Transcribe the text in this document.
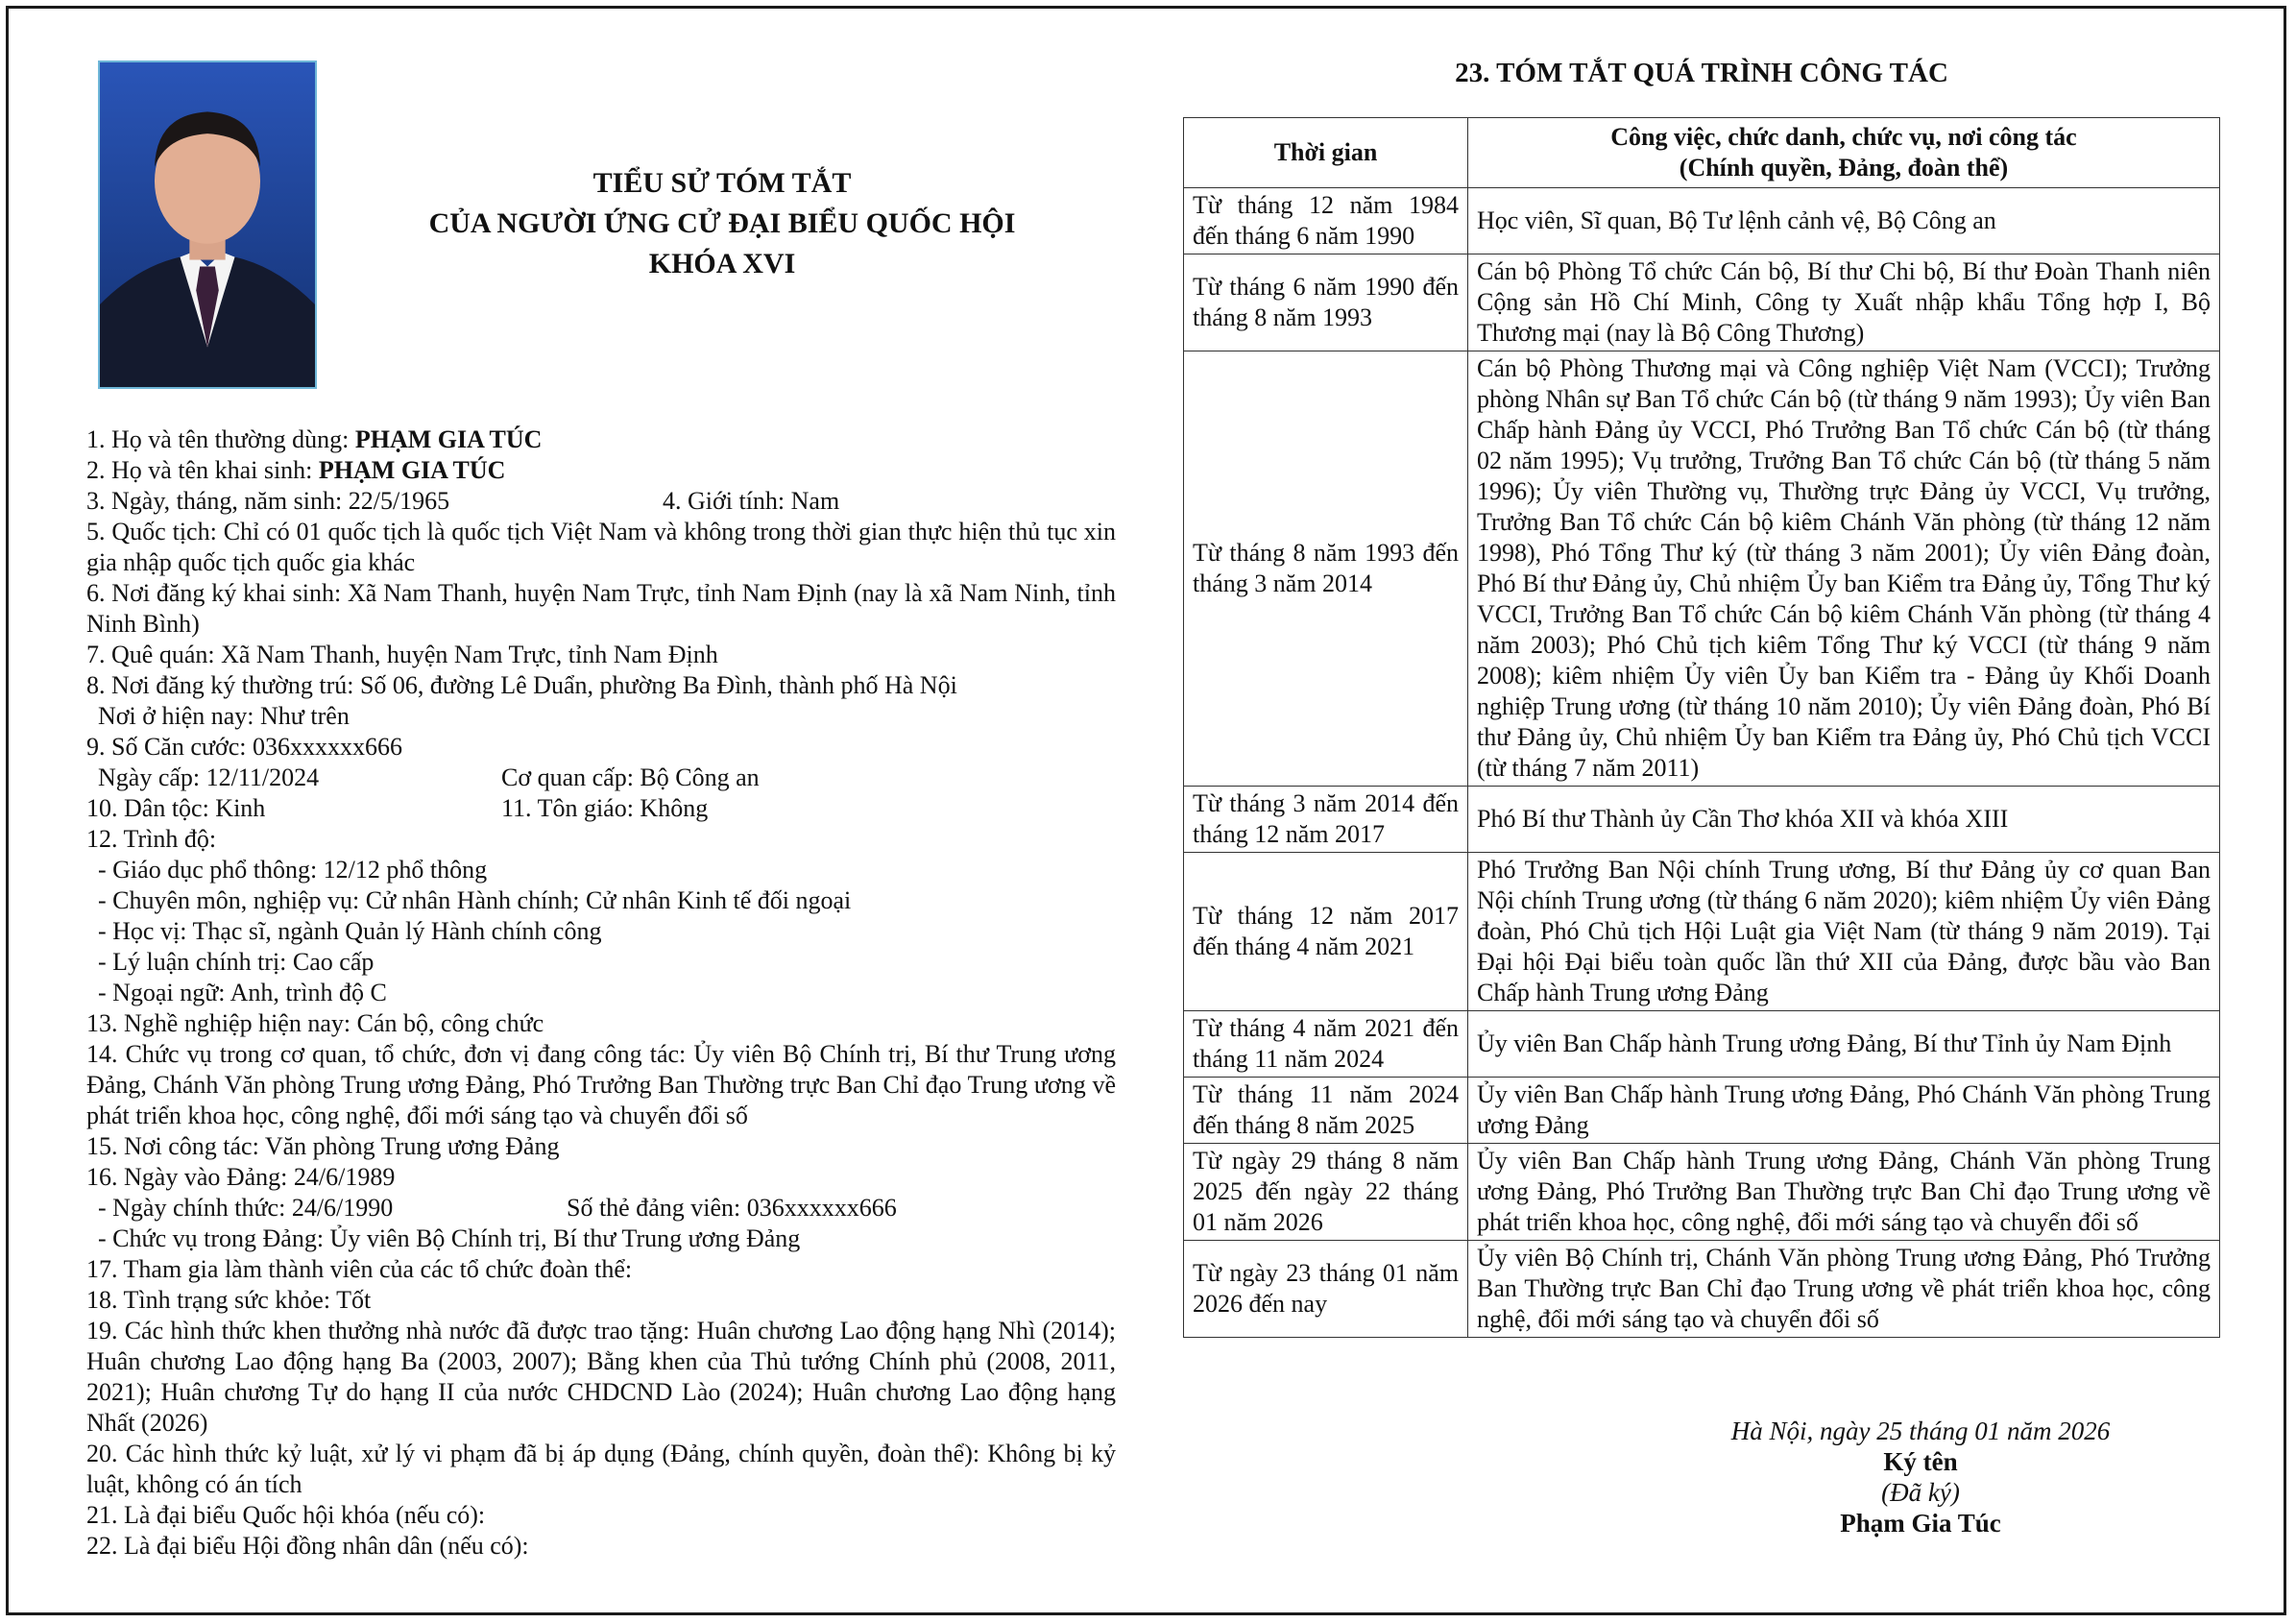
TIỂU SỬ TÓM TẮT
CỦA NGƯỜI ỨNG CỬ ĐẠI BIỂU QUỐC HỘI
KHÓA XVI
1. Họ và tên thường dùng: PHẠM GIA TÚC
2. Họ và tên khai sinh: PHẠM GIA TÚC
3. Ngày, tháng, năm sinh: 22/5/1965	4. Giới tính: Nam
5. Quốc tịch: Chỉ có 01 quốc tịch là quốc tịch Việt Nam và không trong thời gian thực hiện thủ tục xin gia nhập quốc tịch quốc gia khác
6. Nơi đăng ký khai sinh: Xã Nam Thanh, huyện Nam Trực, tỉnh Nam Định (nay là xã Nam Ninh, tỉnh Ninh Bình)
7. Quê quán: Xã Nam Thanh, huyện Nam Trực, tỉnh Nam Định
8. Nơi đăng ký thường trú: Số 06, đường Lê Duẩn, phường Ba Đình, thành phố Hà Nội
Nơi ở hiện nay: Như trên
9. Số Căn cước: 036xxxxxx666
Ngày cấp: 12/11/2024	Cơ quan cấp: Bộ Công an
10. Dân tộc: Kinh	11. Tôn giáo: Không
12. Trình độ:
- Giáo dục phổ thông: 12/12 phổ thông
- Chuyên môn, nghiệp vụ: Cử nhân Hành chính; Cử nhân Kinh tế đối ngoại
- Học vị: Thạc sĩ, ngành Quản lý Hành chính công
- Lý luận chính trị: Cao cấp
- Ngoại ngữ: Anh, trình độ C
13. Nghề nghiệp hiện nay: Cán bộ, công chức
14. Chức vụ trong cơ quan, tổ chức, đơn vị đang công tác: Ủy viên Bộ Chính trị, Bí thư Trung ương Đảng, Chánh Văn phòng Trung ương Đảng, Phó Trưởng Ban Thường trực Ban Chỉ đạo Trung ương về phát triển khoa học, công nghệ, đổi mới sáng tạo và chuyển đổi số
15. Nơi công tác: Văn phòng Trung ương Đảng
16. Ngày vào Đảng: 24/6/1989
- Ngày chính thức: 24/6/1990	Số thẻ đảng viên: 036xxxxxx666
- Chức vụ trong Đảng: Ủy viên Bộ Chính trị, Bí thư Trung ương Đảng
17. Tham gia làm thành viên của các tổ chức đoàn thể:
18. Tình trạng sức khỏe: Tốt
19. Các hình thức khen thưởng nhà nước đã được trao tặng: Huân chương Lao động hạng Nhì (2014); Huân chương Lao động hạng Ba (2003, 2007); Bằng khen của Thủ tướng Chính phủ (2008, 2011, 2021); Huân chương Tự do hạng II của nước CHDCND Lào (2024); Huân chương Lao động hạng Nhất (2026)
20. Các hình thức kỷ luật, xử lý vi phạm đã bị áp dụng (Đảng, chính quyền, đoàn thể): Không bị kỷ luật, không có án tích
21. Là đại biểu Quốc hội khóa (nếu có):
22. Là đại biểu Hội đồng nhân dân (nếu có):
23. TÓM TẮT QUÁ TRÌNH CÔNG TÁC
Thời gian	Công việc, chức danh, chức vụ, nơi công tác
(Chính quyền, Đảng, đoàn thể)

Từ tháng 12 năm 1984 đến tháng 6 năm 1990	Học viên, Sĩ quan, Bộ Tư lệnh cảnh vệ, Bộ Công an
Từ tháng 6 năm 1990 đến tháng 8 năm 1993	Cán bộ Phòng Tổ chức Cán bộ, Bí thư Chi bộ, Bí thư Đoàn Thanh niên Cộng sản Hồ Chí Minh, Công ty Xuất nhập khẩu Tổng hợp I, Bộ Thương mại (nay là Bộ Công Thương)
Từ tháng 8 năm 1993 đến tháng 3 năm 2014	Cán bộ Phòng Thương mại và Công nghiệp Việt Nam (VCCI); Trưởng phòng Nhân sự Ban Tổ chức Cán bộ (từ tháng 9 năm 1993); Ủy viên Ban Chấp hành Đảng ủy VCCI, Phó Trưởng Ban Tổ chức Cán bộ (từ tháng 02 năm 1995); Vụ trưởng, Trưởng Ban Tổ chức Cán bộ (từ tháng 5 năm 1996); Ủy viên Thường vụ, Thường trực Đảng ủy VCCI, Vụ trưởng, Trưởng Ban Tổ chức Cán bộ kiêm Chánh Văn phòng (từ tháng 12 năm 1998), Phó Tổng Thư ký (từ tháng 3 năm 2001); Ủy viên Đảng đoàn, Phó Bí thư Đảng ủy, Chủ nhiệm Ủy ban Kiểm tra Đảng ủy, Tổng Thư ký VCCI, Trưởng Ban Tổ chức Cán bộ kiêm Chánh Văn phòng (từ tháng 4 năm 2003); Phó Chủ tịch kiêm Tổng Thư ký VCCI (từ tháng 9 năm 2008); kiêm nhiệm Ủy viên Ủy ban Kiểm tra - Đảng ủy Khối Doanh nghiệp Trung ương (từ tháng 10 năm 2010); Ủy viên Đảng đoàn, Phó Bí thư Đảng ủy, Chủ nhiệm Ủy ban Kiểm tra Đảng ủy, Phó Chủ tịch VCCI (từ tháng 7 năm 2011)
Từ tháng 3 năm 2014 đến tháng 12 năm 2017	Phó Bí thư Thành ủy Cần Thơ khóa XII và khóa XIII
Từ tháng 12 năm 2017 đến tháng 4 năm 2021	Phó Trưởng Ban Nội chính Trung ương, Bí thư Đảng ủy cơ quan Ban Nội chính Trung ương (từ tháng 6 năm 2020); kiêm nhiệm Ủy viên Đảng đoàn, Phó Chủ tịch Hội Luật gia Việt Nam (từ tháng 9 năm 2019). Tại Đại hội Đại biểu toàn quốc lần thứ XII của Đảng, được bầu vào Ban Chấp hành Trung ương Đảng
Từ tháng 4 năm 2021 đến tháng 11 năm 2024	Ủy viên Ban Chấp hành Trung ương Đảng, Bí thư Tỉnh ủy Nam Định
Từ tháng 11 năm 2024 đến tháng 8 năm 2025	Ủy viên Ban Chấp hành Trung ương Đảng, Phó Chánh Văn phòng Trung ương Đảng
Từ ngày 29 tháng 8 năm 2025 đến ngày 22 tháng 01 năm 2026	Ủy viên Ban Chấp hành Trung ương Đảng, Chánh Văn phòng Trung ương Đảng, Phó Trưởng Ban Thường trực Ban Chỉ đạo Trung ương về phát triển khoa học, công nghệ, đổi mới sáng tạo và chuyển đổi số
Từ ngày 23 tháng 01 năm 2026 đến nay	Ủy viên Bộ Chính trị, Chánh Văn phòng Trung ương Đảng, Phó Trưởng Ban Thường trực Ban Chỉ đạo Trung ương về phát triển khoa học, công nghệ, đổi mới sáng tạo và chuyển đổi số
Hà Nội, ngày 25 tháng 01 năm 2026
Ký tên
(Đã ký)
Phạm Gia Túc
